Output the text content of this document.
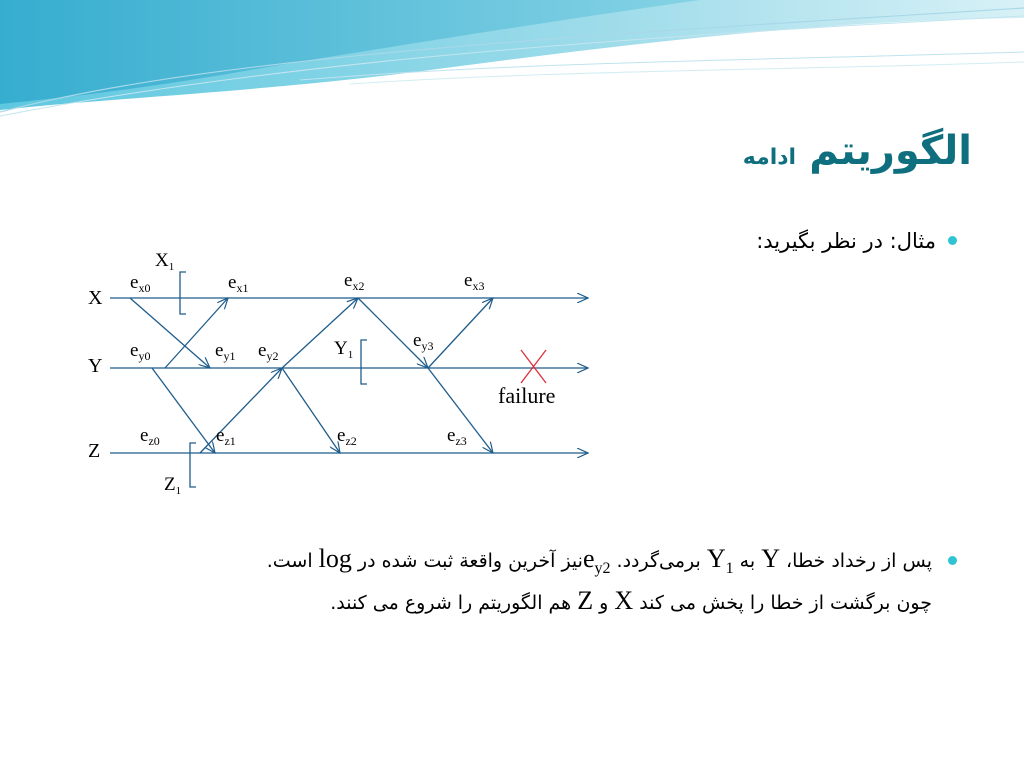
الگوریتم ادامه
مثال: در نظر بگیرید:
X
Y
Z
$e_{x0}$	$e_{x1}$	$e_{x2}$	$e_{x3}$
$e_{y0}$	$e_{y1}$ $e_{y2}$
$e_{y3}$
$e_{z0}$	$e_{z1}$	$e_{z2}$	$e_{z3}$
$X_1$
$Y_1$
$Z_1$
failure
پس از رخداد خطا، Y به $Y_1$ برمی‌گردد. $e_{y2}نیز$ آخرین واقعة ثبت شده در log است.
چون برگشت از خطا را پخش می کند X و Z هم الگوریتم را شروع می کنند.
